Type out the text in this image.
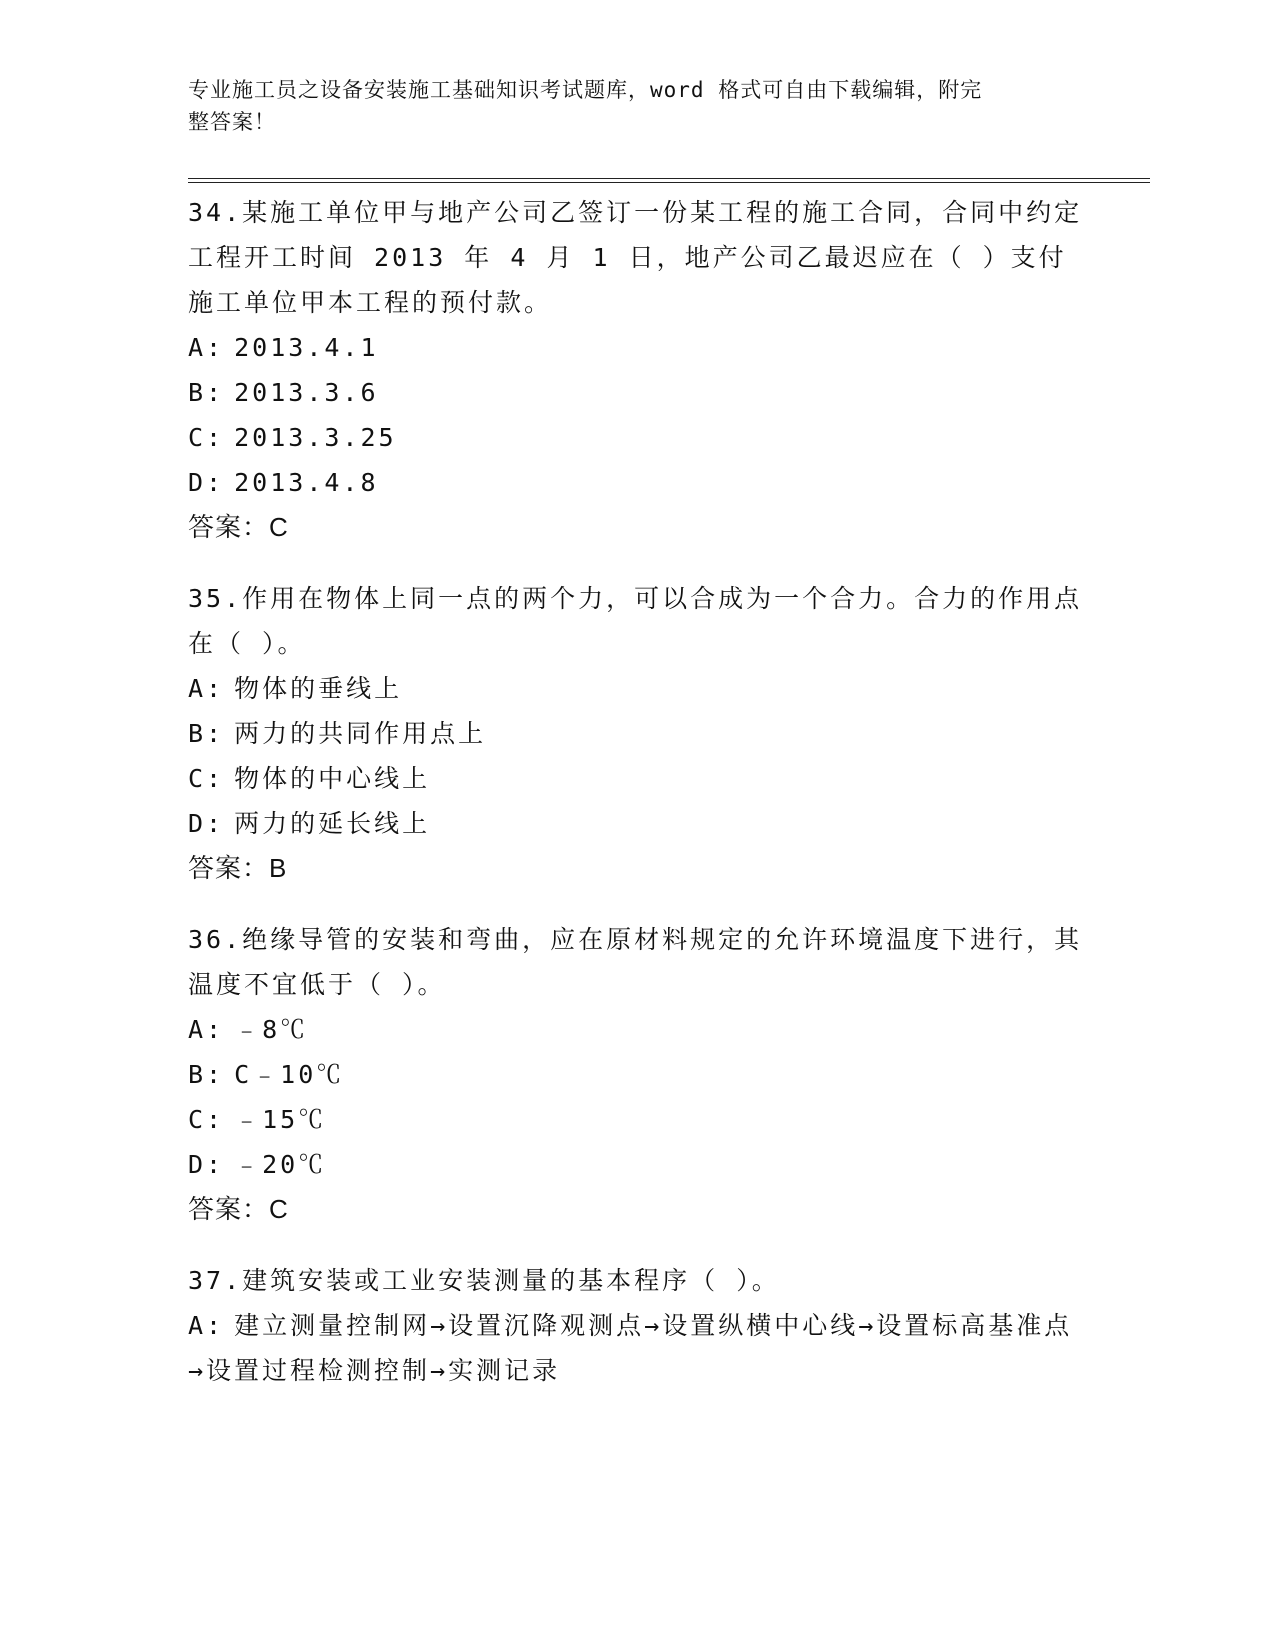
专业施工员之设备安装施工基础知识考试题库，word 格式可自由下载编辑，附完
整答案！
34.某施工单位甲与地产公司乙签订一份某工程的施工合同，合同中约定工程开工时间 2013 年 4 月 1 日，地产公司乙最迟应在（ ）支付施工单位甲本工程的预付款。
A: 2013.4.1
B: 2013.3.6
C: 2013.3.25
D: 2013.4.8
答案：C
35.作用在物体上同一点的两个力，可以合成为一个合力。合力的作用点在（ ）。
A: 物体的垂线上
B: 两力的共同作用点上
C: 物体的中心线上
D: 两力的延长线上
答案：B
36.绝缘导管的安装和弯曲，应在原材料规定的允许环境温度下进行，其温度不宜低于（ ）。
A: ﹣8℃
B: C﹣10℃
C: ﹣15℃
D: ﹣20℃
答案：C
37.建筑安装或工业安装测量的基本程序（ ）。
A: 建立测量控制网→设置沉降观测点→设置纵横中心线→设置标高基准点→设置过程检测控制→实测记录
